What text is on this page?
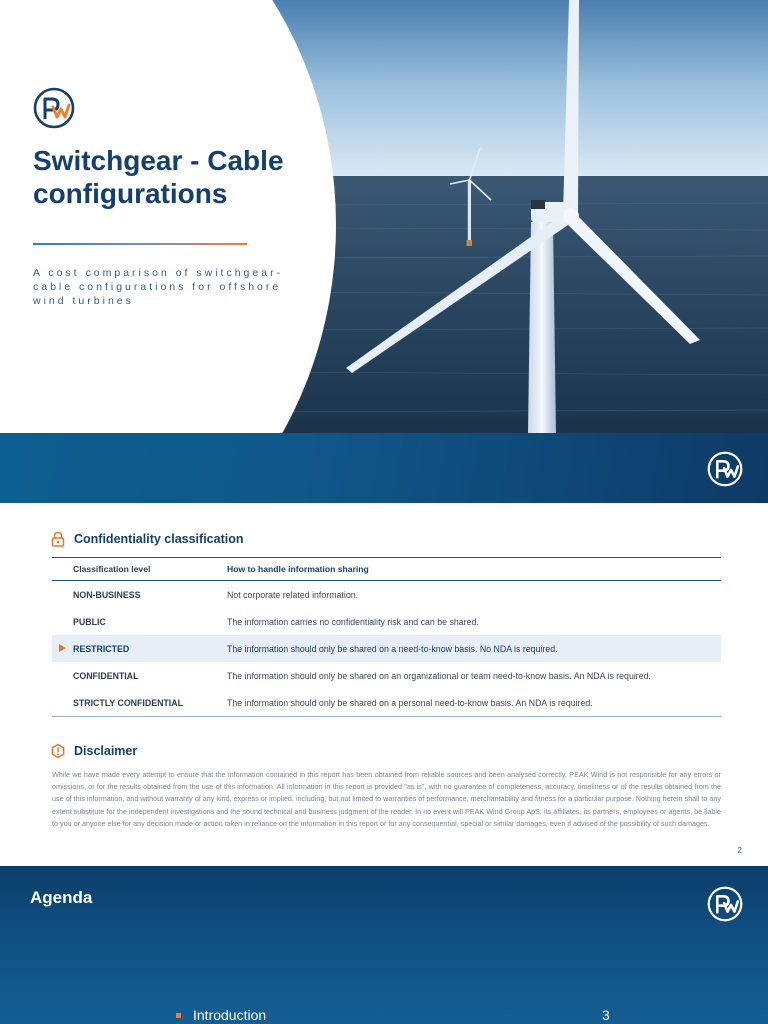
Switchgear - Cable configurations
A cost comparison of switchgear-cable configurations for offshore wind turbines
Confidentiality classification
Classification level	How to handle information sharing
NON-BUSINESS	Not corporate related information.
PUBLIC	The information carries no confidentiality risk and can be shared.
RESTRICTED	The information should only be shared on a need-to-know basis. No NDA is required.
CONFIDENTIAL	The information should only be shared on an organizational or team need-to-know basis. An NDA is required.
STRICTLY CONFIDENTIAL	The information should only be shared on a personal need-to-know basis. An NDA is required.
Disclaimer

While we have made every attempt to ensure that the information contained in this report has been obtained from reliable sources and been analysed correctly, PEAK Wind is not responsible for any errors or omissions, or for the results obtained from the use of this information. All information in this report is provided "as is", with no guarantee of completeness, accuracy, timeliness or of the results obtained from the use of this information, and without warranty of any kind, express or implied, including, but not limited to warranties of performance, merchantability and fitness for a particular purpose. Nothing herein shall to any extent substitute for the independent investigations and the sound technical and business judgment of the reader. In no event will PEAK Wind Group ApS, its affiliates, its partners, employees or agents, be liable to you or anyone else for any decision made or action taken in reliance on the information in this report or for any consequential, special or similar damages, even if advised of the possibility of such damages.

2
Agenda
Introduction	3
